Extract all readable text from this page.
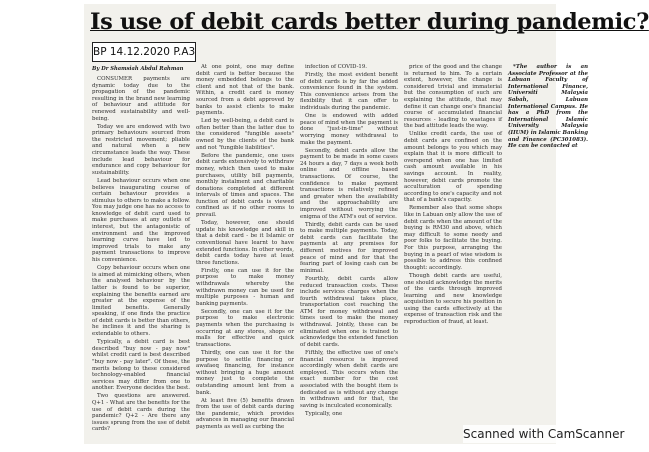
Is use of debit cards better during pandemic?
BP 14.12.2020 P.A3
By Dr Shamsiah Abdul Rahman

CONSUMER payments are dynamic today due to the propagation of the pandemic resulting in the brand new learning of behaviour and attitude for renewed sustainability and well-being.

Today we are endowed with two primary behaviours sourced from the restricted movement; pliable and natural when a new circumstance leads the way. These include lead behaviour for endurance and copy behaviour for sustainability.

Lead behaviour occurs when one believes inaugurating course of certain behaviour provides a stimulus to others to make a follow. You may judge one has no access to knowledge of debit card used to make purchases at any outlets of interest, but the antagonistic of environment and the improved learning curve have led to improved trials to make any payment transactions to improve his convenience.

Copy behaviour occurs when one is aimed at mimicking others, when the analysed behaviour by the latter is found to be superior, explaining the benefits earned are greater at the expense of the limited benefits. Generally speaking, if one finds the practice of debit cards is better than others, he inclines it and the sharing is extendable to others.

Typically, a debit card is best described "buy now - pay now" whilst credit card is best described "buy now - pay later". Of these, the merits belong to these considered technology-enabled financial services may differ from one to another. Everyone decides the best.

Two questions are answered. Q+1 - What are the benefits for the use of debit cards during the pandemic? Q+2 - Are there any issues sprung from the use of debit cards?

At one point, one may define debit card is better because the money embedded belongs to the client and not that of the bank. Within, a credit card is money sourced from a debt approved by banks to assist clients to make payments.

Led by well-being, a debit card is often better than the latter due to the considered "fungible assets" owned by the clients of the bank and not "fungible liabilities".

Before the pandemic, one uses debit cards extensively to withdraw money, which then used to make purchases, utility bill payments, monthly instalment and charitable donations completed at different intervals of times and spaces. The function of debit cards is viewed confined as if no other rooms to prevail.

Today, however, one should update his knowledge and skill in that a debit card - be it Islamic or conventional have learnt to have extended functions. In other words, debit cards today have at least three functions.

Firstly, one can use it for the purpose to make money withdrawals whereby the withdrawn money can be used for multiple purposes - human and banking payments.

Secondly, one can use it for the purpose to make electronic payments when the purchasing is occurring at any stores, shops or malls for effective and quick transactions.

Thirdly, one can use it for the purpose to settle financing or awafaeq financing, for instance without bringing a huge amount money just to complete the outstanding amount lent from a bank.

At least five (5) benefits drawn from the use of debit cards during the pandemic, which provides advances in managing our financial payments as well as curbing the

infection of COVID-19.

Firstly, the most evident benefit of debit cards is by far the added convenience found in the system. This convenience arises from the flexibility that it can offer to individuals during the pandemic.

One is endowed with added peace of mind when the payment is done "just-in-time" without worrying money withdrawal to make the payment.

Secondly, debit cards allow the payment to be made in some cases 24 hours a day, 7 days a week both online and offline based transactions. Of course, the confidence to make payment transactions is relatively refined and greater when the availability and the approachability are improved without worrying the enigma of the ATM's out of service.

Thirdly, debit cards can be used to make multiple payments. Today, debit cards can facilitate the payments at any premises for different motives for improved peace of mind and for that the fearing part of losing cash can be minimal.

Fourthly, debit cards allow reduced transaction costs. These include services charges when the fourth withdrawal takes place, transportation cost reaching the ATM for money withdrawal and times used to make the money withdrawal. Jointly, these can be eliminated when one is trained to acknowledge the extended function of debit cards.

Fifthly, the effective use of one's financial resource is improved accordingly when debit cards are employed. This occurs when the exact number for the cost associated with the bought item is dedicated as is without any change in withdrawn and for that, the saving is inculcated economically.

Typically, one

price of the good and the change is returned to him. To a certain extent, however, the change is considered trivial and immaterial but the consumption of such are explaining the attitude, that may define it can change one's financial course of accumulated financial resources - leading to wastages if the bad attitude leads the way.

Unlike credit cards, the use of debit cards are confined on the amount belongs to you which may explain that it is more difficult to overspend when one has limited cash amount available in his savings account. In reality, however, debit cards promote the acculturation of spending according to one's capacity and not that of a bank's capacity.

Remember also that some shops like in Labuan only allow the use of debit cards when the amount of the buying is RM30 and above, which may difficult to some needy and poor folks to facilitate the buying. For this purpose, arranging the buying in a pearl of wise wisdom is possible to address this confined thought: accordingly.

Though debit cards are useful, one should acknowledge the merits of the cards through improved learning and new knowledge acquisition to secure his position in using the cards effectively at the expense of transaction risk and the reproduction of fraud, at least.

*The author is an Associate Professor at the Labuan Faculty of International Finance, Universiti Malaysia Sabah, Labuan International Campus. He has a PhD from the International Islamic University Malaysia (IIUM) in Islamic Banking and Finance (PC301083). He can be contacted at

Scanned with CamScanner
